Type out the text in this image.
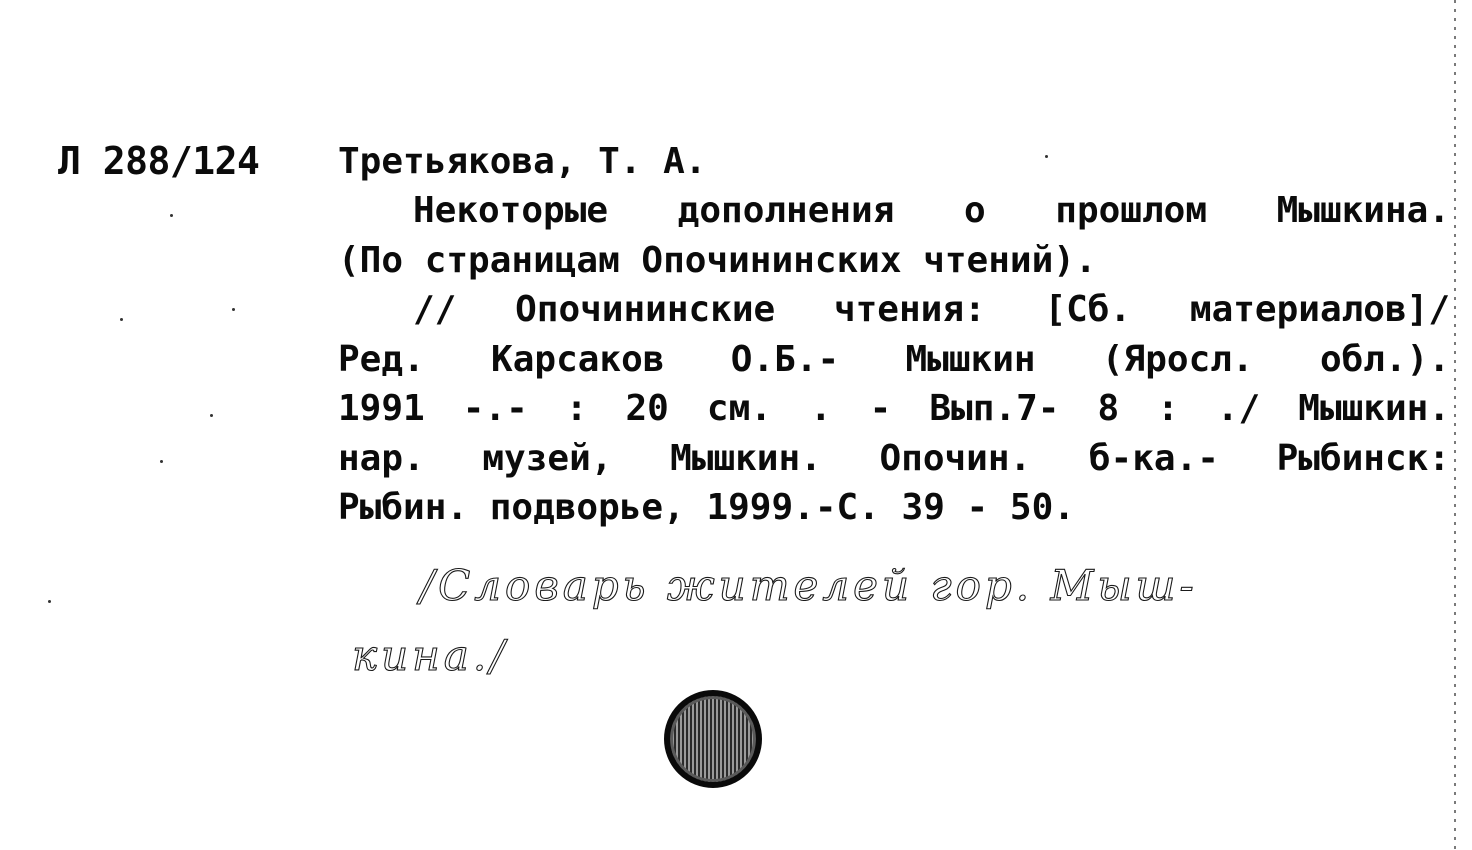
Л 288/124 Третьякова, Т. А.
Некоторые дополнения о прошлом Мышкина.
(По страницам Опочининских чтений).
// Опочининские чтения: [Сб. материалов]/
Ред. Карсаков О.Б.- Мышкин (Яросл. обл.).
1991 -.- : 20 см. . - Вып.7- 8 : ./ Мышкин.
нар. музей, Мышкин. Опочин. б-ка.- Рыбинск:
Рыбин. подворье, 1999.-С. 39 - 50.
/Словарь жителей гор. Мыш-
кина./
